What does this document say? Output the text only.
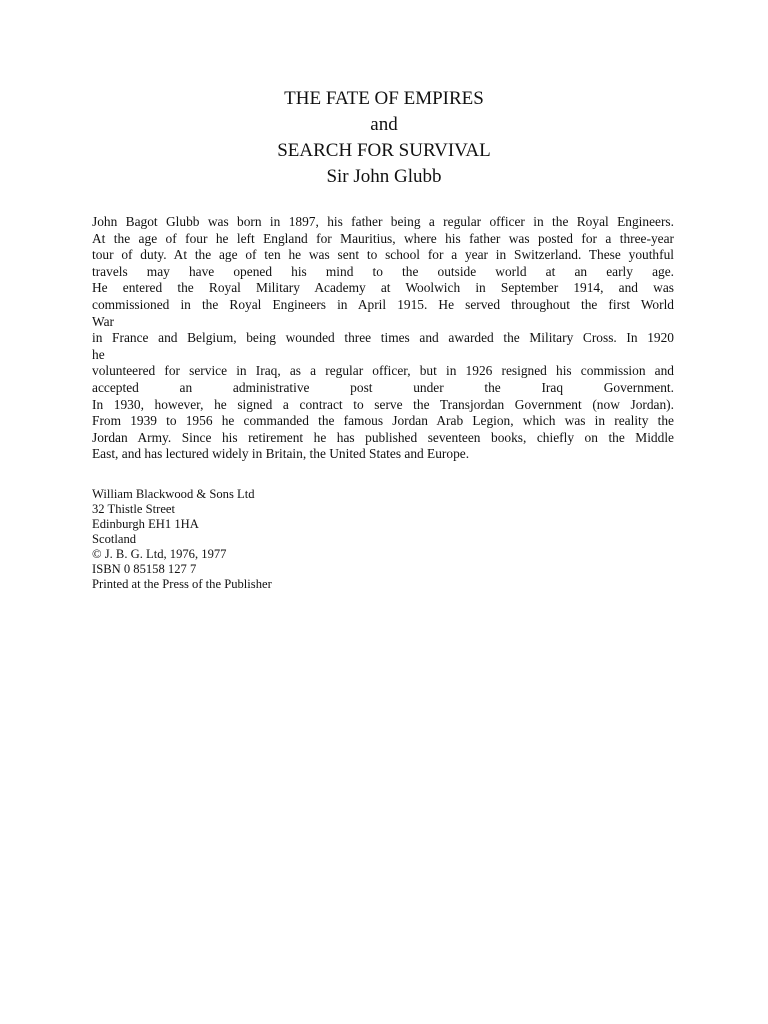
THE FATE OF EMPIRES
and
SEARCH FOR SURVIVAL
Sir John Glubb
John Bagot Glubb was born in 1897, his father being a regular officer in the Royal Engineers.
At the age of four he left England for Mauritius, where his father was posted for a three-year
tour of duty. At the age of ten he was sent to school for a year in Switzerland. These youthful
travels may have opened his mind to the outside world at an early age.
He entered the Royal Military Academy at Woolwich in September 1914, and was
commissioned in the Royal Engineers in April 1915. He served throughout the first World
War
in France and Belgium, being wounded three times and awarded the Military Cross. In 1920
he
volunteered for service in Iraq, as a regular officer, but in 1926 resigned his commission and
accepted an administrative post under the Iraq Government.
In 1930, however, he signed a contract to serve the Transjordan Government (now Jordan).
From 1939 to 1956 he commanded the famous Jordan Arab Legion, which was in reality the
Jordan Army. Since his retirement he has published seventeen books, chiefly on the Middle
East, and has lectured widely in Britain, the United States and Europe.
William Blackwood & Sons Ltd
32 Thistle Street
Edinburgh EH1 1HA
Scotland
© J. B. G. Ltd, 1976, 1977
ISBN 0 85158 127 7
Printed at the Press of the Publisher
